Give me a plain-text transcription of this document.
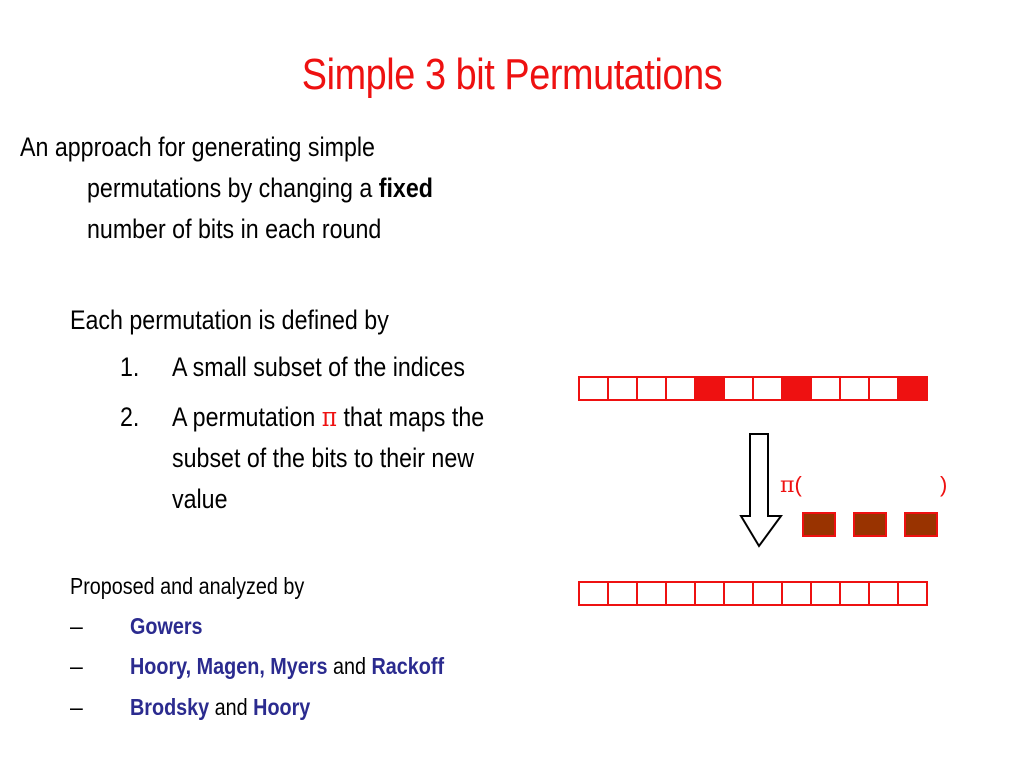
Simple 3 bit Permutations
An approach for generating simple
permutations by changing a fixed
number of bits in each round
Each permutation is defined by
1. A small subset of the indices
2. A permutation π that maps the
subset of the bits to their new
value
Proposed and analyzed by
– Gowers
– Hoory, Magen, Myers and Rackoff
– Brodsky and Hoory
π(	)
